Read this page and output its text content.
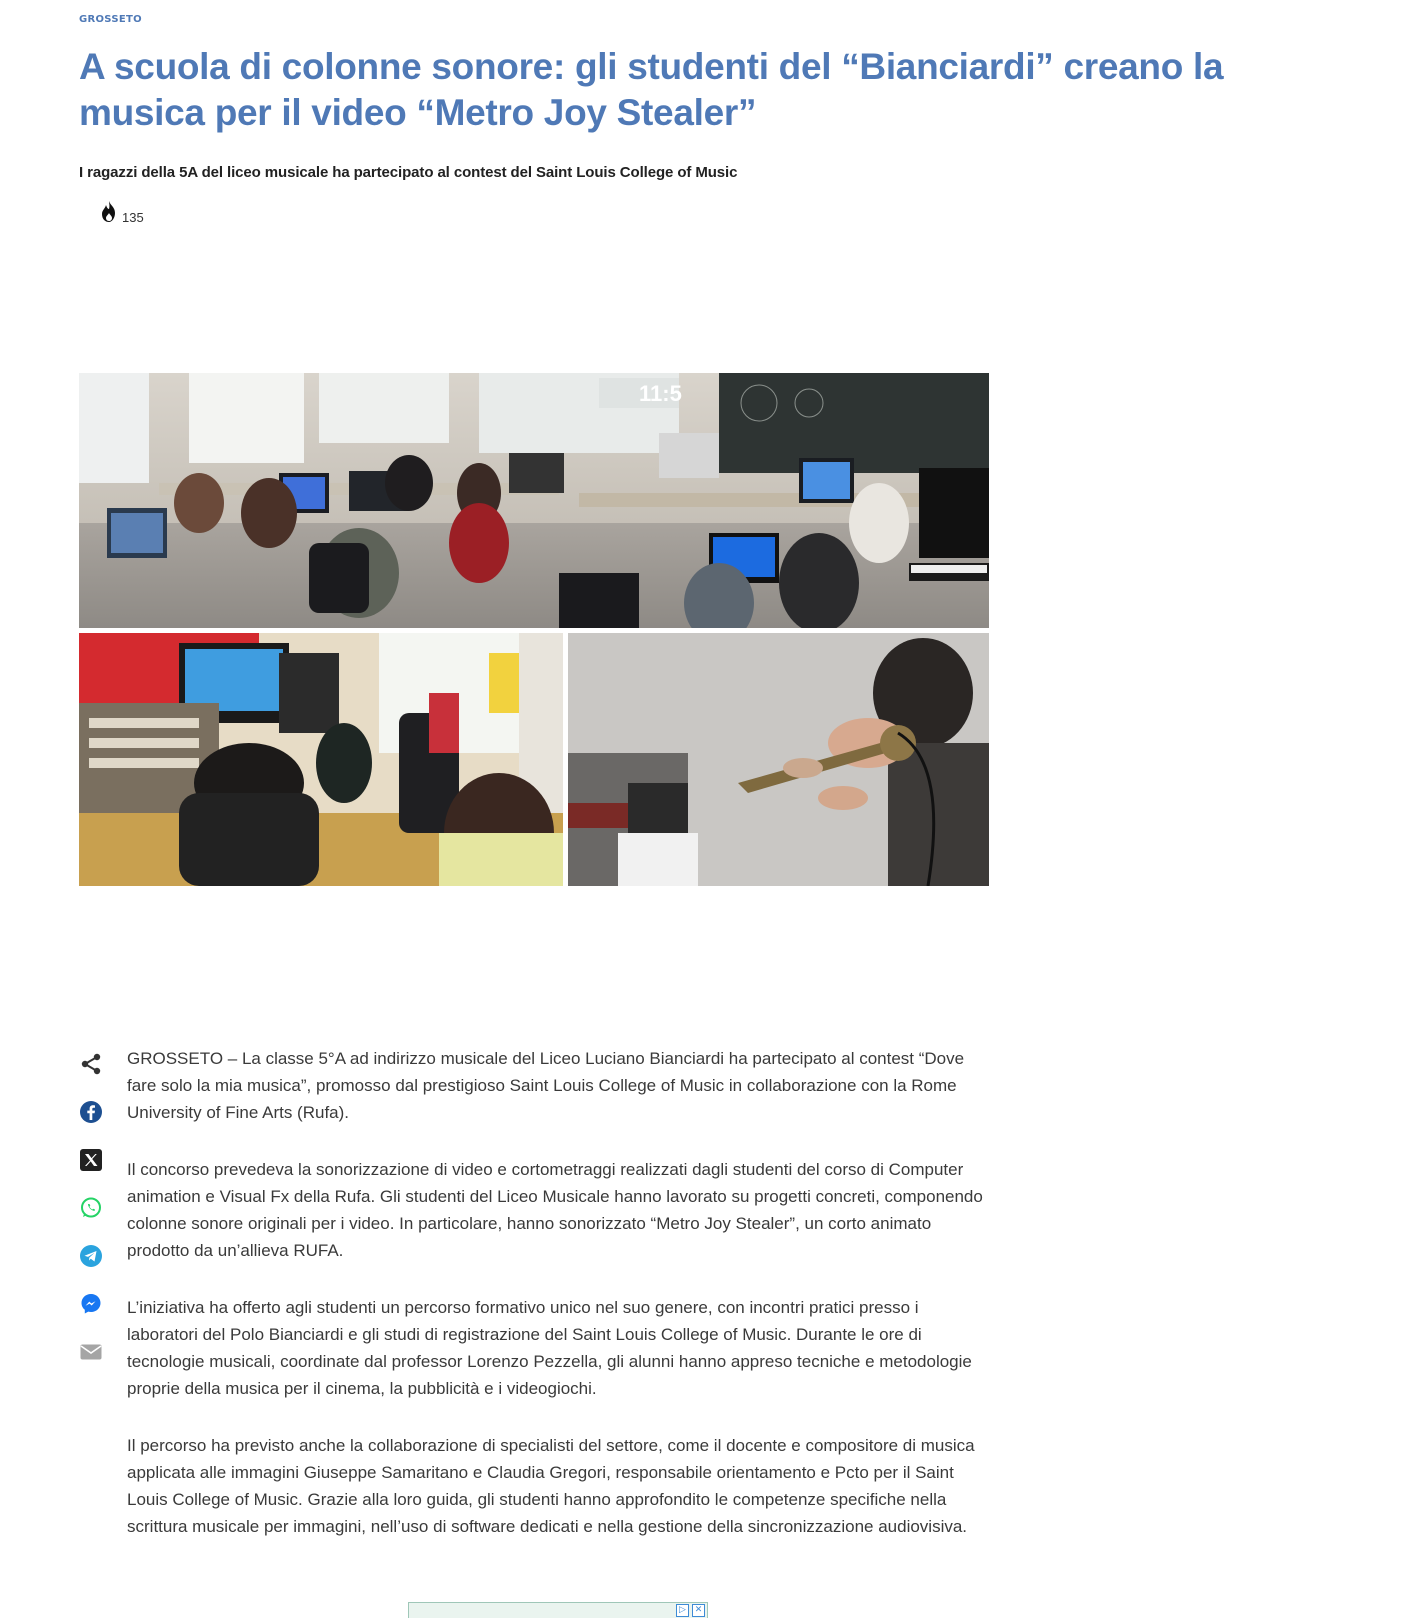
GROSSETO
A scuola di colonne sonore: gli studenti del “Bianciardi” creano la musica per il video “Metro Joy Stealer”

I ragazzi della 5A del liceo musicale ha partecipato al contest del Saint Louis College of Music

135
11:5

GROSSETO – La classe 5°A ad indirizzo musicale del Liceo Luciano Bianciardi ha partecipato al contest “Dove fare solo la mia musica”, promosso dal prestigioso Saint Louis College of Music in collaborazione con la Rome University of Fine Arts (Rufa).

Il concorso prevedeva la sonorizzazione di video e cortometraggi realizzati dagli studenti del corso di Computer animation e Visual Fx della Rufa. Gli studenti del Liceo Musicale hanno lavorato su progetti concreti, componendo colonne sonore originali per i video. In particolare, hanno sonorizzato “Metro Joy Stealer”, un corto animato prodotto da un’allieva RUFA.

L’iniziativa ha offerto agli studenti un percorso formativo unico nel suo genere, con incontri pratici presso i laboratori del Polo Bianciardi e gli studi di registrazione del Saint Louis College of Music. Durante le ore di tecnologie musicali, coordinate dal professor Lorenzo Pezzella, gli alunni hanno appreso tecniche e metodologie proprie della musica per il cinema, la pubblicità e i videogiochi.

Il percorso ha previsto anche la collaborazione di specialisti del settore, come il docente e compositore di musica applicata alle immagini Giuseppe Samaritano e Claudia Gregori, responsabile orientamento e Pcto per il Saint Louis College of Music. Grazie alla loro guida, gli studenti hanno approfondito le competenze specifiche nella scrittura musicale per immagini, nell’uso di software dedicati e nella gestione della sincronizzazione audiovisiva.

▷ ✕
